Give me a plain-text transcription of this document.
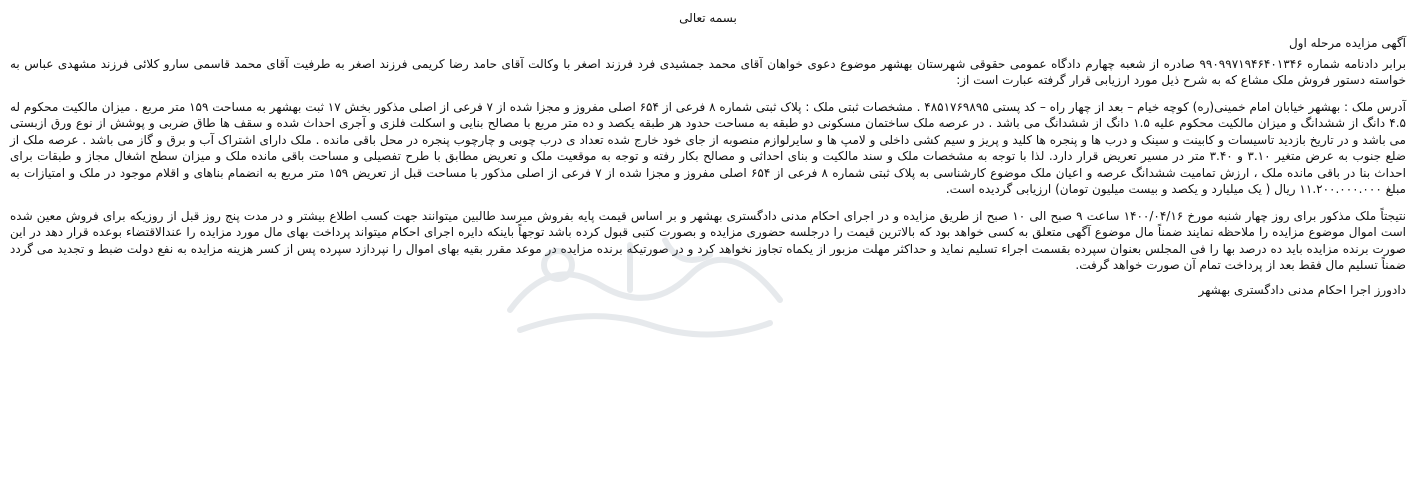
بسمه تعالی
آگهی مزایده مرحله اول
برابر دادنامه شماره ۹۹۰۹۹۷۱۹۴۶۴۰۱۳۴۶ صادره از شعبه چهارم دادگاه عمومی حقوقی شهرستان بهشهر موضوع دعوی خواهان آقای محمد جمشیدی فرد فرزند اصغر با وکالت آقای حامد رضا کریمی فرزند اصغر به طرفیت آقای محمد قاسمی سارو کلائی فرزند مشهدی عباس به خواسته دستور فروش ملک مشاع که به شرح ذیل مورد ارزیابی قرار گرفته عبارت است از:
آدرس ملک : بهشهر خیابان امام خمینی(ره) کوچه خیام – بعد از چهار راه – کد پستی ۴۸۵۱۷۶۹۸۹۵ . مشخصات ثبتی ملک : پلاک ثبتی شماره ۸ فرعی از ۶۵۴ اصلی مفروز و مجزا شده از ۷ فرعی از اصلی مذکور بخش ۱۷ ثبت بهشهر به مساحت ۱۵۹ متر مربع . میزان مالکیت محکوم له ۴.۵ دانگ از ششدانگ و میزان مالکیت محکوم علیه ۱.۵ دانگ از ششدانگ می باشد . در عرصه ملک ساختمان مسکونی دو طبقه به مساحت حدود هر طبقه یکصد و ده متر مربع با مصالح بنایی و اسکلت فلزی و آجری احداث شده و سقف ها طاق ضربی و پوشش از نوع ورق ازبستی می باشد و در تاریخ بازدید تاسیسات و کابینت و سینک و درب ها و پنجره ها کلید و پریز و سیم کشی داخلی و لامپ ها و سایرلوازم منصوبه از جای خود خارج شده تعداد ی درب چوبی و چارچوب پنجره در محل باقی مانده . ملک دارای اشتراک آب و برق و گاز می باشد . عرصه ملک از ضلع جنوب به عرض متغیر ۳.۱۰ و ۳.۴۰ متر در مسیر تعریض قرار دارد. لذا با توجه به مشخصات ملک و سند مالکیت و بنای احداثی و مصالح بکار رفته و توجه به موقعیت ملک و تعریض مطابق با طرح تفصیلی و مساحت باقی مانده ملک و میزان سطح اشغال مجاز و طبقات برای احداث بنا در باقی مانده ملک ، ارزش تمامیت ششدانگ عرصه و اعیان ملک موضوع کارشناسی به پلاک ثبتی شماره ۸ فرعی از ۶۵۴ اصلی مفروز و مجزا شده از ۷ فرعی از اصلی مذکور با مساحت قبل از تعریض ۱۵۹ متر مربع به انضمام بناهای و اقلام موجود در ملک و امتیازات به مبلغ ۱۱.۲۰۰.۰۰۰.۰۰۰ ریال ( یک میلیارد و یکصد و بیست میلیون تومان) ارزیابی گردیده است.
نتیجتاً ملک مذکور برای روز چهار شنبه مورخ ۱۴۰۰/۰۴/۱۶ ساعت ۹ صبح الی ۱۰ صبح از طریق مزایده و در اجرای احکام مدنی دادگستری بهشهر و بر اساس قیمت پایه بفروش میرسد طالبین میتوانند جهت کسب اطلاع بیشتر و در مدت پنج روز قبل از روزیکه برای فروش معین شده است اموال موضوع مزایده را ملاحظه نمایند ضمناً مال موضوع آگهی متعلق به کسی خواهد بود که بالاترین قیمت را درجلسه حضوری مزایده و بصورت کتبی قبول کرده باشد توجهاً باینکه دایره اجرای احکام میتواند پرداخت بهای مال مورد مزایده را عندالاقتضاء بوعده قرار دهد در این صورت برنده مزایده باید ده درصد بها را فی المجلس بعنوان سپرده بقسمت اجراء تسلیم نماید و حداکثر مهلت مزبور از یکماه تجاوز نخواهد کرد و در صورتیکه برنده مزایده در موعد مقرر بقیه بهای اموال را نپردازد سپرده پس از کسر هزینه مزایده به نفع دولت ضبط و تجدید می گردد ضمناً تسلیم مال فقط بعد از پرداخت تمام آن صورت خواهد گرفت.
دادورز اجرا احکام مدنی دادگستری بهشهر
